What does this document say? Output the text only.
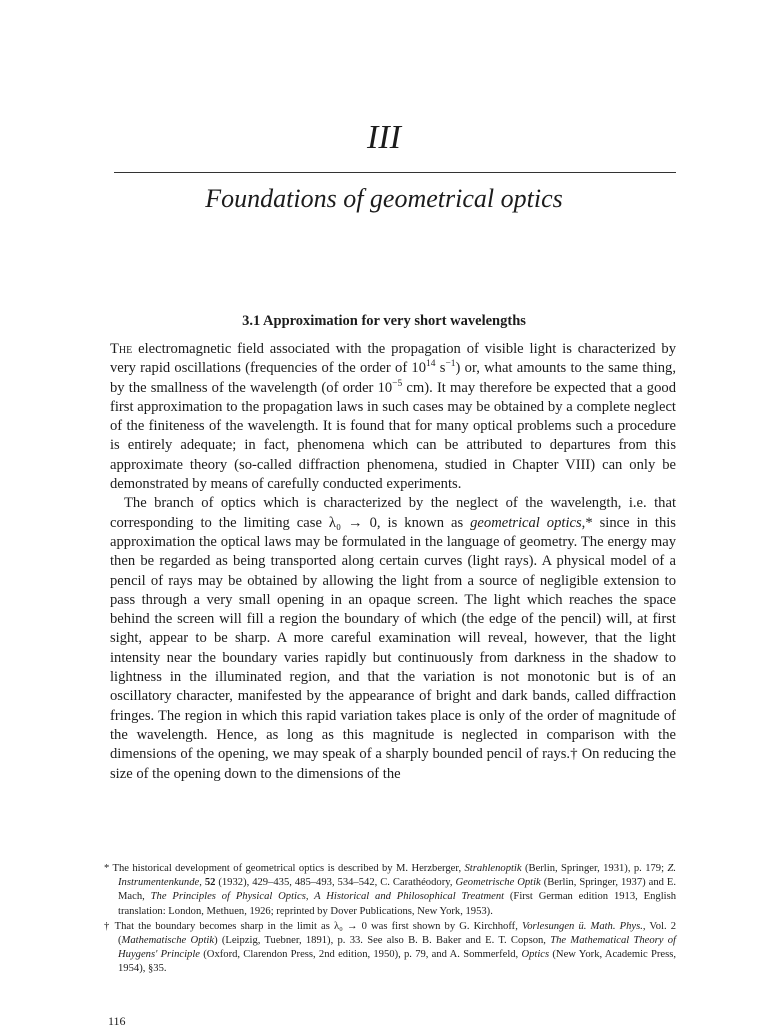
III
Foundations of geometrical optics
3.1 Approximation for very short wavelengths

The electromagnetic field associated with the propagation of visible light is characterized by very rapid oscillations (frequencies of the order of $10^{14}$ $s^{-1}$) or, what amounts to the same thing, by the smallness of the wavelength (of order $10^{-5}$ cm). It may therefore be expected that a good first approximation to the propagation laws in such cases may be obtained by a complete neglect of the finiteness of the wavelength. It is found that for many optical problems such a procedure is entirely adequate; in fact, phenomena which can be attributed to departures from this approximate theory (so-called diffraction phenomena, studied in Chapter VIII) can only be demonstrated by means of carefully conducted experiments.

The branch of optics which is characterized by the neglect of the wavelength, i.e. that corresponding to the limiting case λ₀ → 0, is known as geometrical optics,* since in this approximation the optical laws may be formulated in the language of geometry. The energy may then be regarded as being transported along certain curves (light rays). A physical model of a pencil of rays may be obtained by allowing the light from a source of negligible extension to pass through a very small opening in an opaque screen. The light which reaches the space behind the screen will fill a region the boundary of which (the edge of the pencil) will, at first sight, appear to be sharp. A more careful examination will reveal, however, that the light intensity near the boundary varies rapidly but continuously from darkness in the shadow to lightness in the illuminated region, and that the variation is not monotonic but is of an oscillatory character, manifested by the appearance of bright and dark bands, called diffraction fringes. The region in which this rapid variation takes place is only of the order of magnitude of the wavelength. Hence, as long as this magnitude is neglected in comparison with the dimensions of the opening, we may speak of a sharply bounded pencil of rays.† On reducing the size of the opening down to the dimensions of the

* The historical development of geometrical optics is described by M. Herzberger, Strahlenoptik (Berlin, Springer, 1931), p. 179; Z. Instrumentenkunde, 52 (1932), 429–435, 485–493, 534–542, C. Carathéodory, Geometrische Optik (Berlin, Springer, 1937) and E. Mach, The Principles of Physical Optics, A Historical and Philosophical Treatment (First German edition 1913, English translation: London, Methuen, 1926; reprinted by Dover Publications, New York, 1953).

† That the boundary becomes sharp in the limit as λ₀ → 0 was first shown by G. Kirchhoff, Vorlesungen ü. Math. Phys., Vol. 2 (Mathematische Optik) (Leipzig, Tuebner, 1891), p. 33. See also B. B. Baker and E. T. Copson, The Mathematical Theory of Huygens' Principle (Oxford, Clarendon Press, 2nd edition, 1950), p. 79, and A. Sommerfeld, Optics (New York, Academic Press, 1954), §35.

116
